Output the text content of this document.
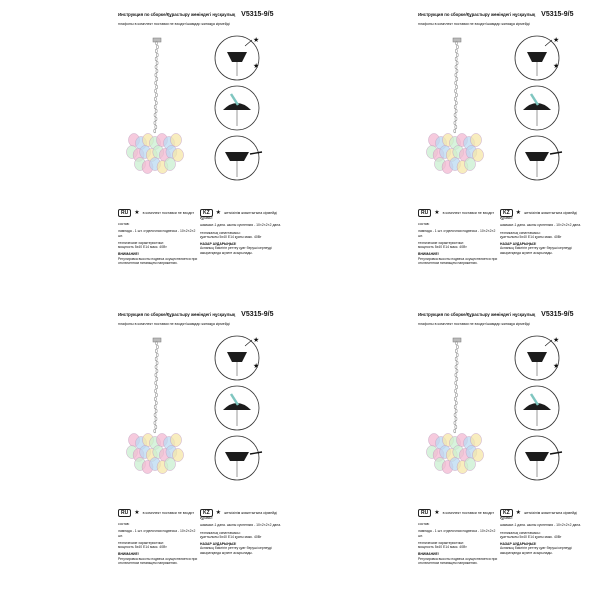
Инструкция по сборке/Құрастыру жөніндегі нұсқаулық V5315-9/5
плафоны в комплект поставки не входят/шамдар жинаққа кірмейді
★
★
RU	★ в комплект поставки не входит	KZ	★ жеткізілім жиынтығына кірмейді

состав:

лампада - 1 шт. отделочная подвеска - 10×2×2×2 шт.

технические характеристики:

мощность 5x40 Е14 макс. 40Вт

ВНИМАНИЕ!

Регулировка высоты подвеса осуществляется при отключенном питающем напряжении.

құрамы:

шамшығ-1 дана. шыны суспензия - 10×2×2×2 дана.

техникалық сипаттамасы:

қуаттылығы 5x40 Е14 қуаты макс. 40Вт

НАЗАР АУДАРЫҢЫЗ!

Аспаның биіктігін реттеу қуат беруші кернеуді ажыратқанда жүзеге асырылады.

Инструкция по сборке/Құрастыру жөніндегі нұсқаулық V5315-9/5
плафоны в комплект поставки не входят/шамдар жинаққа кірмейді
★
★
RU	★ в комплект поставки не входит	KZ	★ жеткізілім жиынтығына кірмейді

состав:

лампада - 1 шт. отделочная подвеска - 10×2×2×2 шт.

технические характеристики:

мощность 5x40 Е14 макс. 40Вт

ВНИМАНИЕ!

Регулировка высоты подвеса осуществляется при отключенном питающем напряжении.

құрамы:

шамшығ-1 дана. шыны суспензия - 10×2×2×2 дана.

техникалық сипаттамасы:

қуаттылығы 5x40 Е14 қуаты макс. 40Вт

НАЗАР АУДАРЫҢЫЗ!

Аспаның биіктігін реттеу қуат беруші кернеуді ажыратқанда жүзеге асырылады.

Инструкция по сборке/Құрастыру жөніндегі нұсқаулық V5315-9/5
плафоны в комплект поставки не входят/шамдар жинаққа кірмейді
★
★
RU	★ в комплект поставки не входит	KZ	★ жеткізілім жиынтығына кірмейді

состав:

лампада - 1 шт. отделочная подвеска - 10×2×2×2 шт.

технические характеристики:

мощность 5x40 Е14 макс. 40Вт

ВНИМАНИЕ!

Регулировка высоты подвеса осуществляется при отключенном питающем напряжении.

құрамы:

шамшығ-1 дана. шыны суспензия - 10×2×2×2 дана.

техникалық сипаттамасы:

қуаттылығы 5x40 Е14 қуаты макс. 40Вт

НАЗАР АУДАРЫҢЫЗ!

Аспаның биіктігін реттеу қуат беруші кернеуді ажыратқанда жүзеге асырылады.

Инструкция по сборке/Құрастыру жөніндегі нұсқаулық V5315-9/5
плафоны в комплект поставки не входят/шамдар жинаққа кірмейді
★
★
RU	★ в комплект поставки не входит	KZ	★ жеткізілім жиынтығына кірмейді

состав:

лампада - 1 шт. отделочная подвеска - 10×2×2×2 шт.

технические характеристики:

мощность 5x40 Е14 макс. 40Вт

ВНИМАНИЕ!

Регулировка высоты подвеса осуществляется при отключенном питающем напряжении.

құрамы:

шамшығ-1 дана. шыны суспензия - 10×2×2×2 дана.

техникалық сипаттамасы:

қуаттылығы 5x40 Е14 қуаты макс. 40Вт

НАЗАР АУДАРЫҢЫЗ!

Аспаның биіктігін реттеу қуат беруші кернеуді ажыратқанда жүзеге асырылады.
